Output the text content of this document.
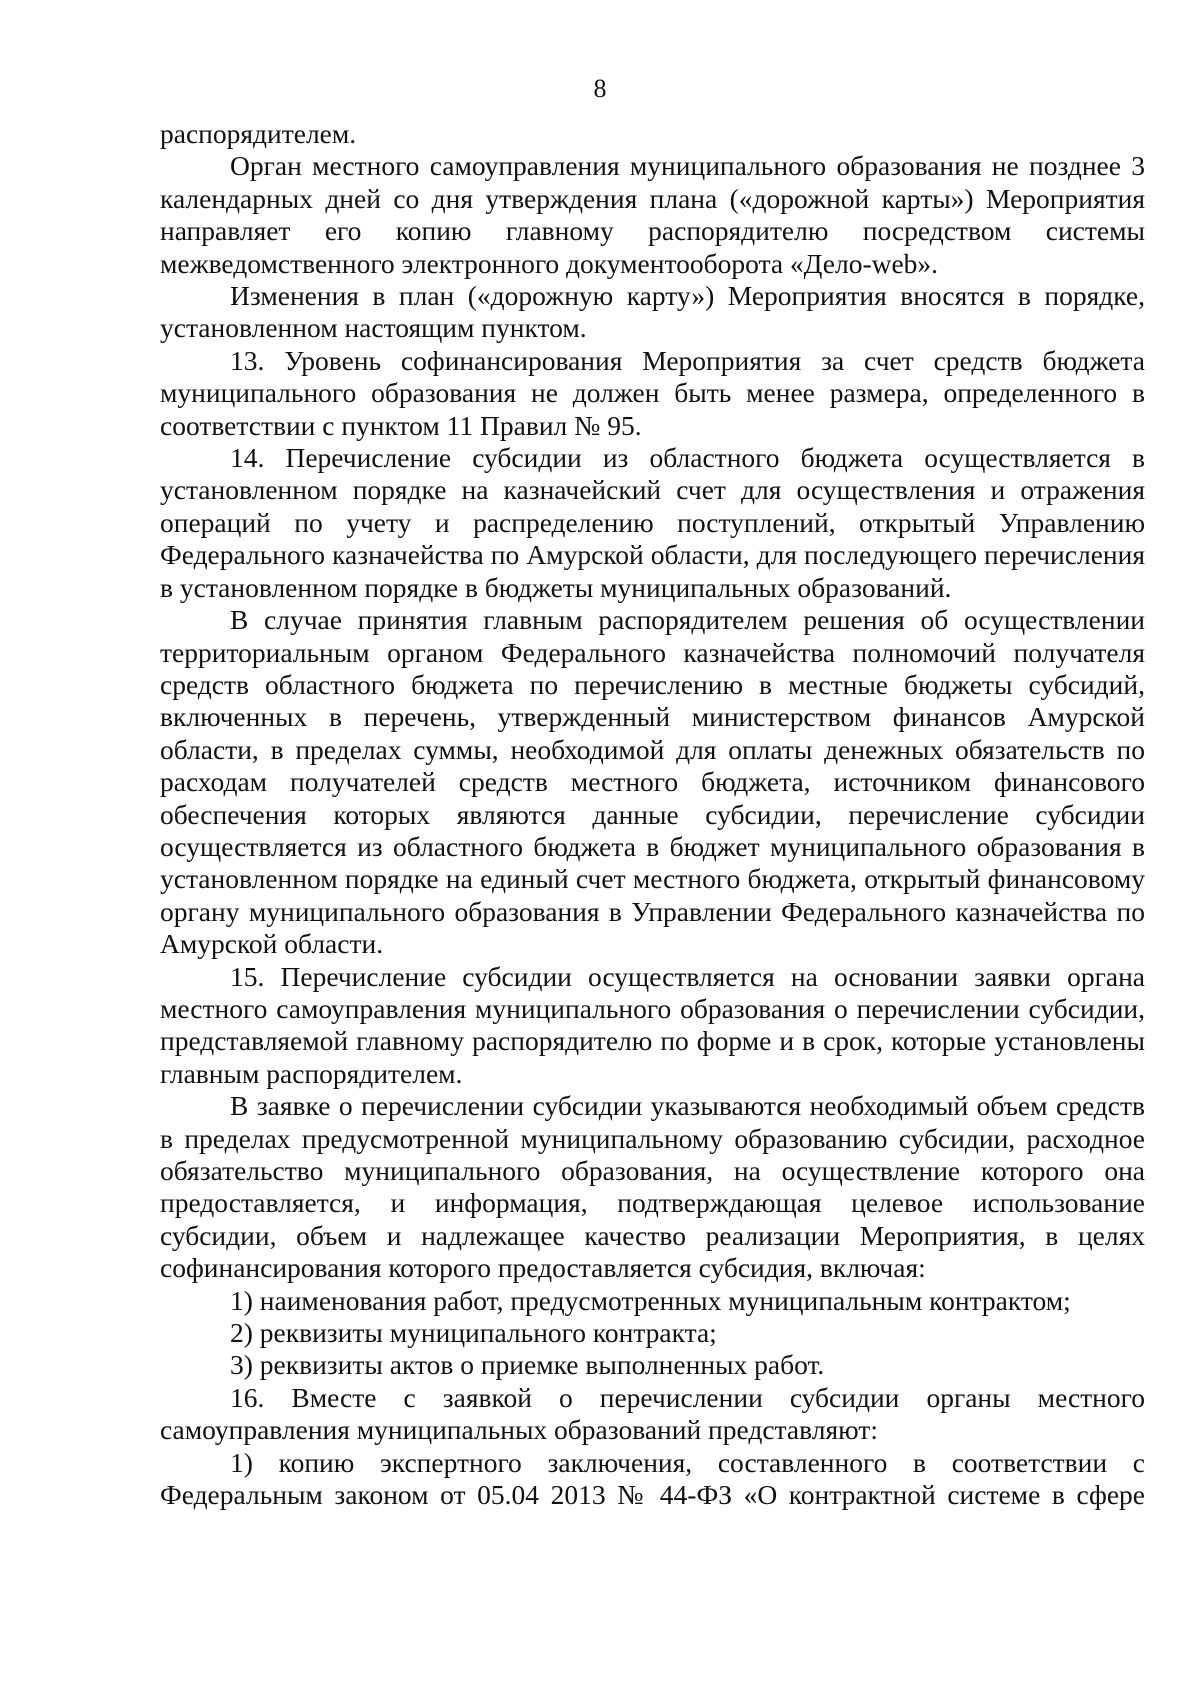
8

распорядителем.

Орган местного самоуправления муниципального образования не позднее 3 календарных дней со дня утверждения плана («дорожной карты») Мероприятия направляет его копию главному распорядителю посредством системы межведомственного электронного документооборота «Дело-web».

Изменения в план («дорожную карту») Мероприятия вносятся в порядке, установленном настоящим пунктом.

13. Уровень софинансирования Мероприятия за счет средств бюджета муниципального образования не должен быть менее размера, определенного в соответствии с пунктом 11 Правил № 95.

14. Перечисление субсидии из областного бюджета осуществляется в установленном порядке на казначейский счет для осуществления и отражения операций по учету и распределению поступлений, открытый Управлению Федерального казначейства по Амурской области, для последующего перечисления в установленном порядке в бюджеты муниципальных образований.

В случае принятия главным распорядителем решения об осуществлении территориальным органом Федерального казначейства полномочий получателя средств областного бюджета по перечислению в местные бюджеты субсидий, включенных в перечень, утвержденный министерством финансов Амурской области, в пределах суммы, необходимой для оплаты денежных обязательств по расходам получателей средств местного бюджета, источником финансового обеспечения которых являются данные субсидии, перечисление субсидии осуществляется из областного бюджета в бюджет муниципального образования в установленном порядке на единый счет местного бюджета, открытый финансовому органу муниципального образования в Управлении Федерального казначейства по Амурской области.

15. Перечисление субсидии осуществляется на основании заявки органа местного самоуправления муниципального образования о перечислении субсидии, представляемой главному распорядителю по форме и в срок, которые установлены главным распорядителем.

В заявке о перечислении субсидии указываются необходимый объем средств в пределах предусмотренной муниципальному образованию субсидии, расходное обязательство муниципального образования, на осуществление которого она предоставляется, и информация, подтверждающая целевое использование субсидии, объем и надлежащее качество реализации Мероприятия, в целях софинансирования которого предоставляется субсидия, включая:

1) наименования работ, предусмотренных муниципальным контрактом;

2) реквизиты муниципального контракта;

3) реквизиты актов о приемке выполненных работ.

16. Вместе с заявкой о перечислении субсидии органы местного самоуправления муниципальных образований представляют:

1) копию экспертного заключения, составленного в соответствии с Федеральным законом от 05.04 2013 № 44-ФЗ «О контрактной системе в сфере
